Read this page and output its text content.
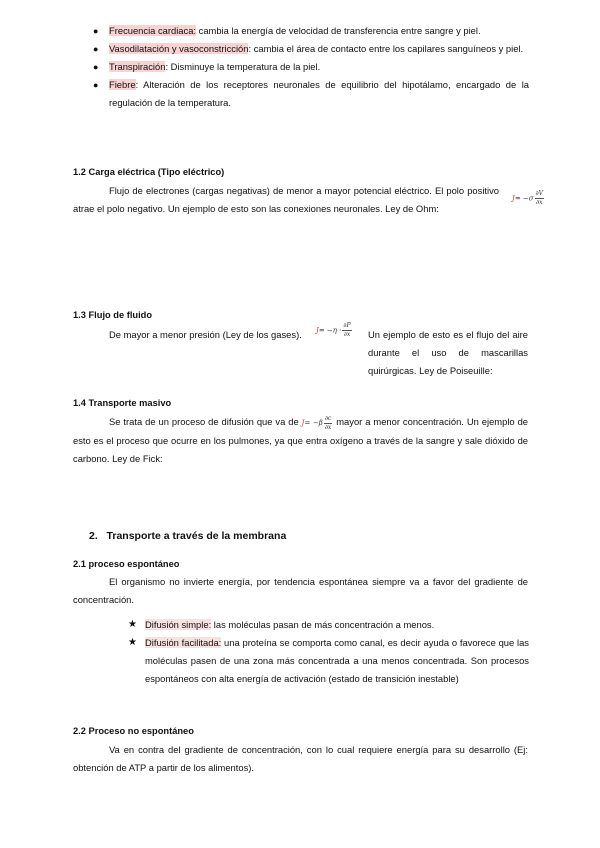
● Frecuencia cardiaca: cambia la energía de velocidad de transferencia entre sangre y piel.

● Vasodilatación y vasoconstricción: cambia el área de contacto entre los capilares sanguíneos y piel.

● Transpiración: Disminuye la temperatura de la piel.

● Fiebre: Alteración de los receptores neuronales de equilibrio del hipotálamo, encargado de la regulación de la temperatura.

1.2 Carga eléctrica (Tipo eléctrico)
Flujo de electrones (cargas negativas) de menor a mayor potencial eléctrico. El polo positivo atrae el polo negativo. Un ejemplo de esto son las conexiones neuronales. Ley de Ohm:
$J= -\sigma \frac{\partial V}{\partial x}$
1.3 Flujo de fluido
De mayor a menor presión (Ley de los gases).	$J= -\eta \cdot \frac{\partial P}{\partial x}$ Un ejemplo de esto es el flujo del aire durante el uso de mascarillas quirúrgicas. Ley de Poiseuille:
1.4 Transporte masivo
Se trata de un proceso de difusión que va de $J= -\beta \frac{\partial c}{\partial x}$ mayor a menor concentración. Un ejemplo de esto es el proceso que ocurre en los pulmones, ya que entra oxígeno a través de la sangre y sale dióxido de carbono. Ley de Fick:
2. Transporte a través de la membrana
2.1 proceso espontáneo
El organismo no invierte energía, por tendencia espontánea siempre va a favor del gradiente de concentración.
★ Difusión simple: las moléculas pasan de más concentración a menos.
★ Difusión facilitada: una proteína se comporta como canal, es decir ayuda o favorece que las moléculas pasen de una zona más concentrada a una menos concentrada. Son procesos espontáneos con alta energía de activación (estado de transición inestable)
2.2 Proceso no espontáneo
Va en contra del gradiente de concentración, con lo cual requiere energía para su desarrollo (Ej: obtención de ATP a partir de los alimentos).
